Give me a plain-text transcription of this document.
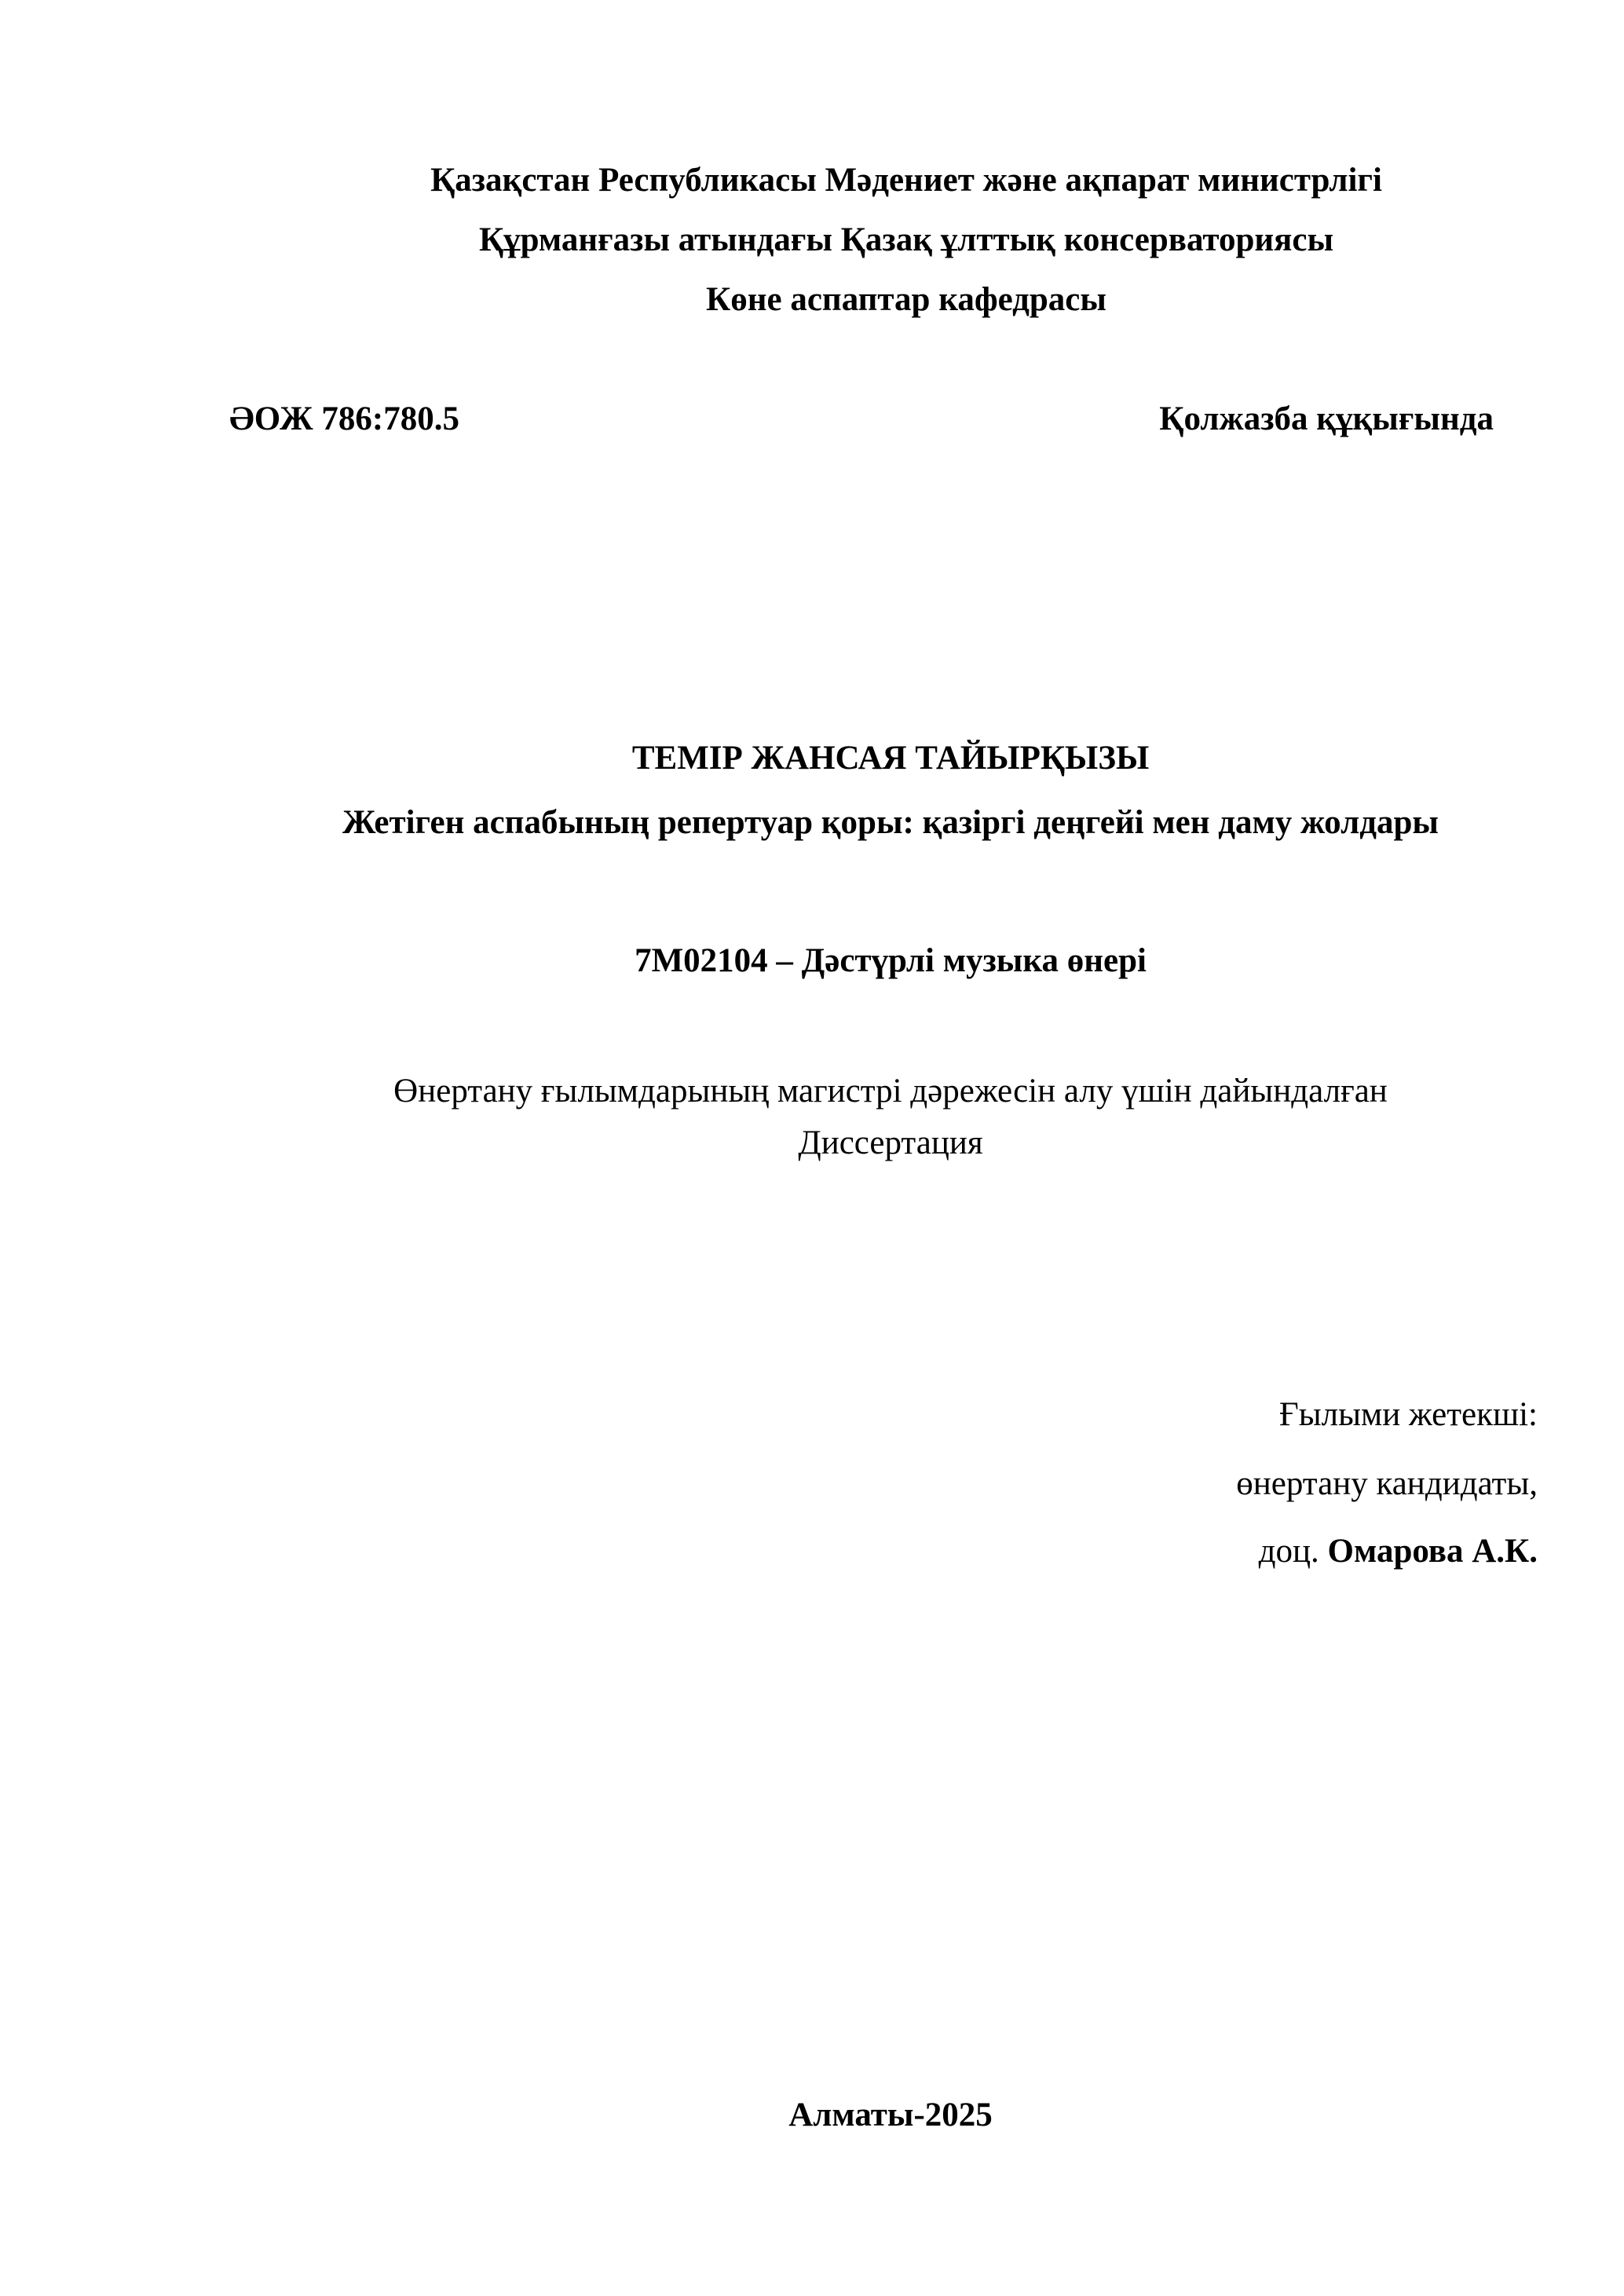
Қазақстан Республикасы Мәдениет және ақпарат министрлігі
Құрманғазы атындағы Қазақ ұлттық консерваториясы
Көне аспаптар кафедрасы
ӘОЖ 786:780.5	Қолжазба құқығында
ТЕМІР ЖАНСАЯ ТАЙЫРҚЫЗЫ
Жетіген аспабының репертуар қоры: қазіргі деңгейі мен даму жолдары
7М02104 – Дәстүрлі музыка өнері
Өнертану ғылымдарының магистрі дәрежесін алу үшін дайындалған
Диссертация
Ғылыми жетекші:
өнертану кандидаты,
доц. Омарова А.К.
Алматы-2025
